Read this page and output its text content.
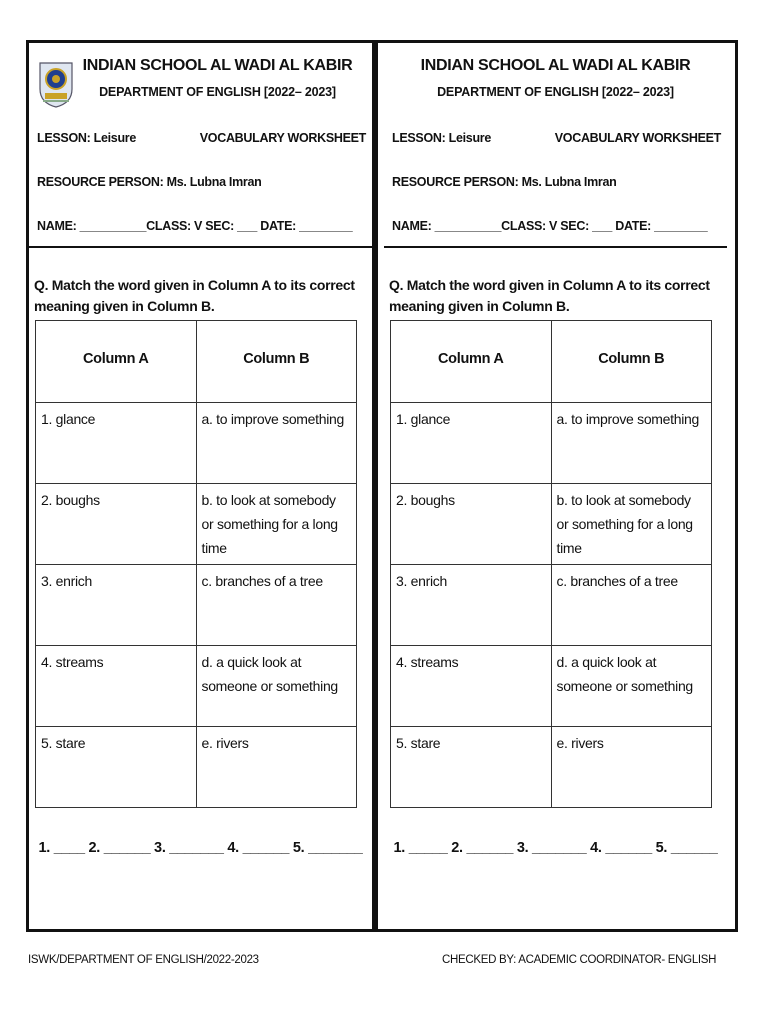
INDIAN SCHOOL AL WADI AL KABIR
DEPARTMENT OF ENGLISH [2022– 2023]
LESSON: Leisure	VOCABULARY WORKSHEET
RESOURCE PERSON: Ms. Lubna Imran
NAME: __________CLASS: V SEC: ___ DATE: ________
Q. Match the word given in Column A to its correct meaning given in Column B.
Column A	Column B
1. glance	a. to improve something
2. boughs	b. to look at somebody or something for a long time
3. enrich	c. branches of a tree
4. streams	d. a quick look at someone or something
5. stare	e. rivers
1. ____ 2. ______ 3. _______ 4. ______ 5. _______
INDIAN SCHOOL AL WADI AL KABIR
DEPARTMENT OF ENGLISH [2022– 2023]
LESSON: Leisure	VOCABULARY WORKSHEET
RESOURCE PERSON: Ms. Lubna Imran
NAME: __________CLASS: V SEC: ___ DATE: ________
Q. Match the word given in Column A to its correct meaning given in Column B.
Column A	Column B
1. glance	a. to improve something
2. boughs	b. to look at somebody or something for a long time
3. enrich	c. branches of a tree
4. streams	d. a quick look at someone or something
5. stare	e. rivers
1. _____ 2. ______ 3. _______ 4. ______ 5. ______
ISWK/DEPARTMENT OF ENGLISH/2022-2023	CHECKED BY: ACADEMIC COORDINATOR- ENGLISH
